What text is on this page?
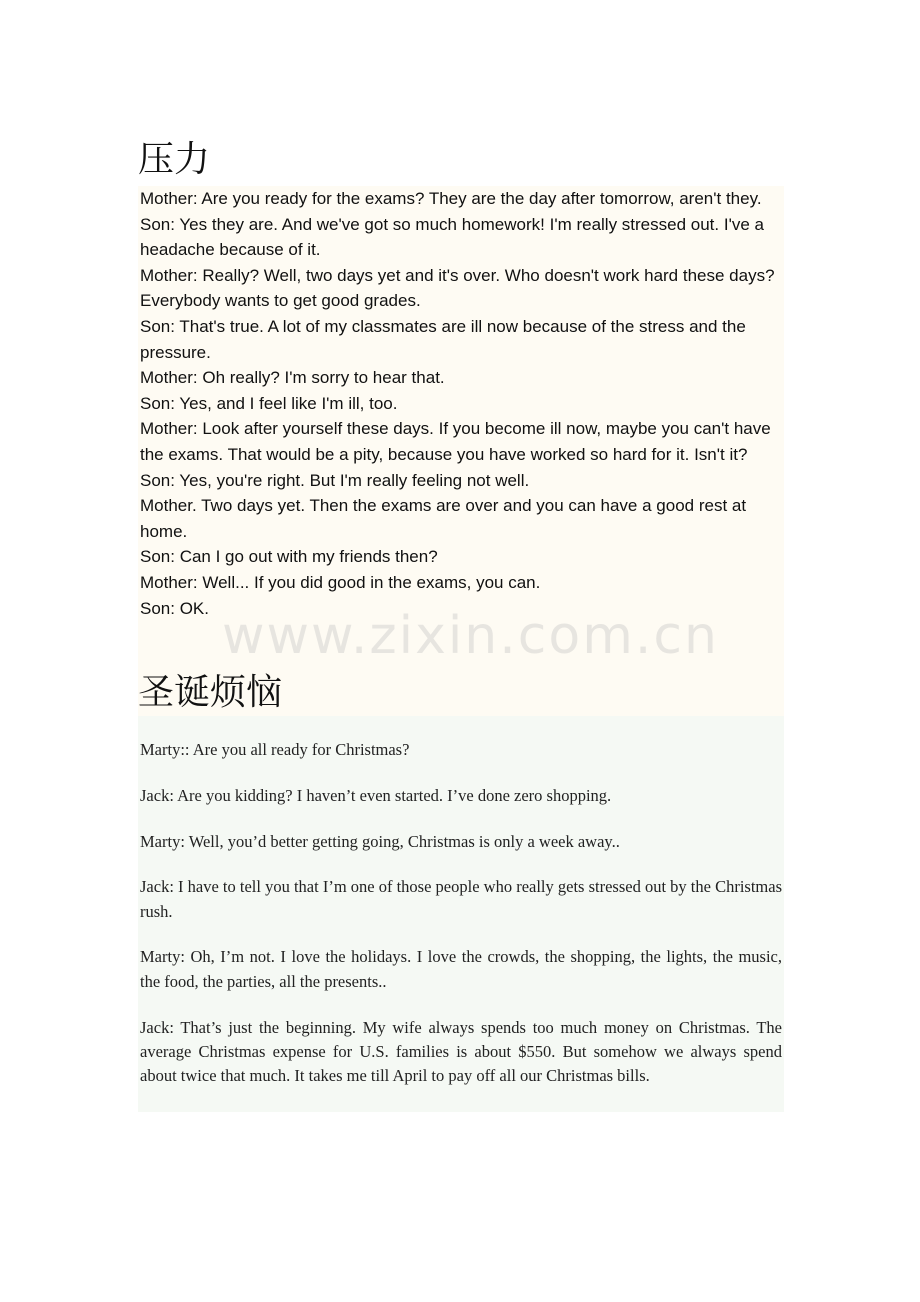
压力

Mother: Are you ready for the exams? They are the day after tomorrow, aren't they.

Son: Yes they are. And we've got so much homework! I'm really stressed out. I've a headache because of it.

Mother: Really? Well, two days yet and it's over. Who doesn't work hard these days? Everybody wants to get good grades.

Son: That's true. A lot of my classmates are ill now because of the stress and the pressure.

Mother: Oh really? I'm sorry to hear that.

Son: Yes, and I feel like I'm ill, too.

Mother: Look after yourself these days. If you become ill now, maybe you can't have the exams. That would be a pity, because you have worked so hard for it. Isn't it?

Son: Yes, you're right. But I'm really feeling not well.

Mother. Two days yet. Then the exams are over and you can have a good rest at home.

Son: Can I go out with my friends then?

Mother: Well... If you did good in the exams, you can.

Son: OK.

圣诞烦恼

Marty:: Are you all ready for Christmas?

Jack: Are you kidding? I haven’t even started. I’ve done zero shopping.

Marty: Well, you’d better getting going, Christmas is only a week away..

Jack: I have to tell you that I’m one of those people who really gets stressed out by the Christmas rush.

Marty: Oh, I’m not. I love the holidays. I love the crowds, the shopping, the lights, the music, the food, the parties, all the presents..

Jack: That’s just the beginning. My wife always spends too much money on Christmas. The average Christmas expense for U.S. families is about $550. But somehow we always spend about twice that much. It takes me till April to pay off all our Christmas bills.

www.zixin.com.cn
